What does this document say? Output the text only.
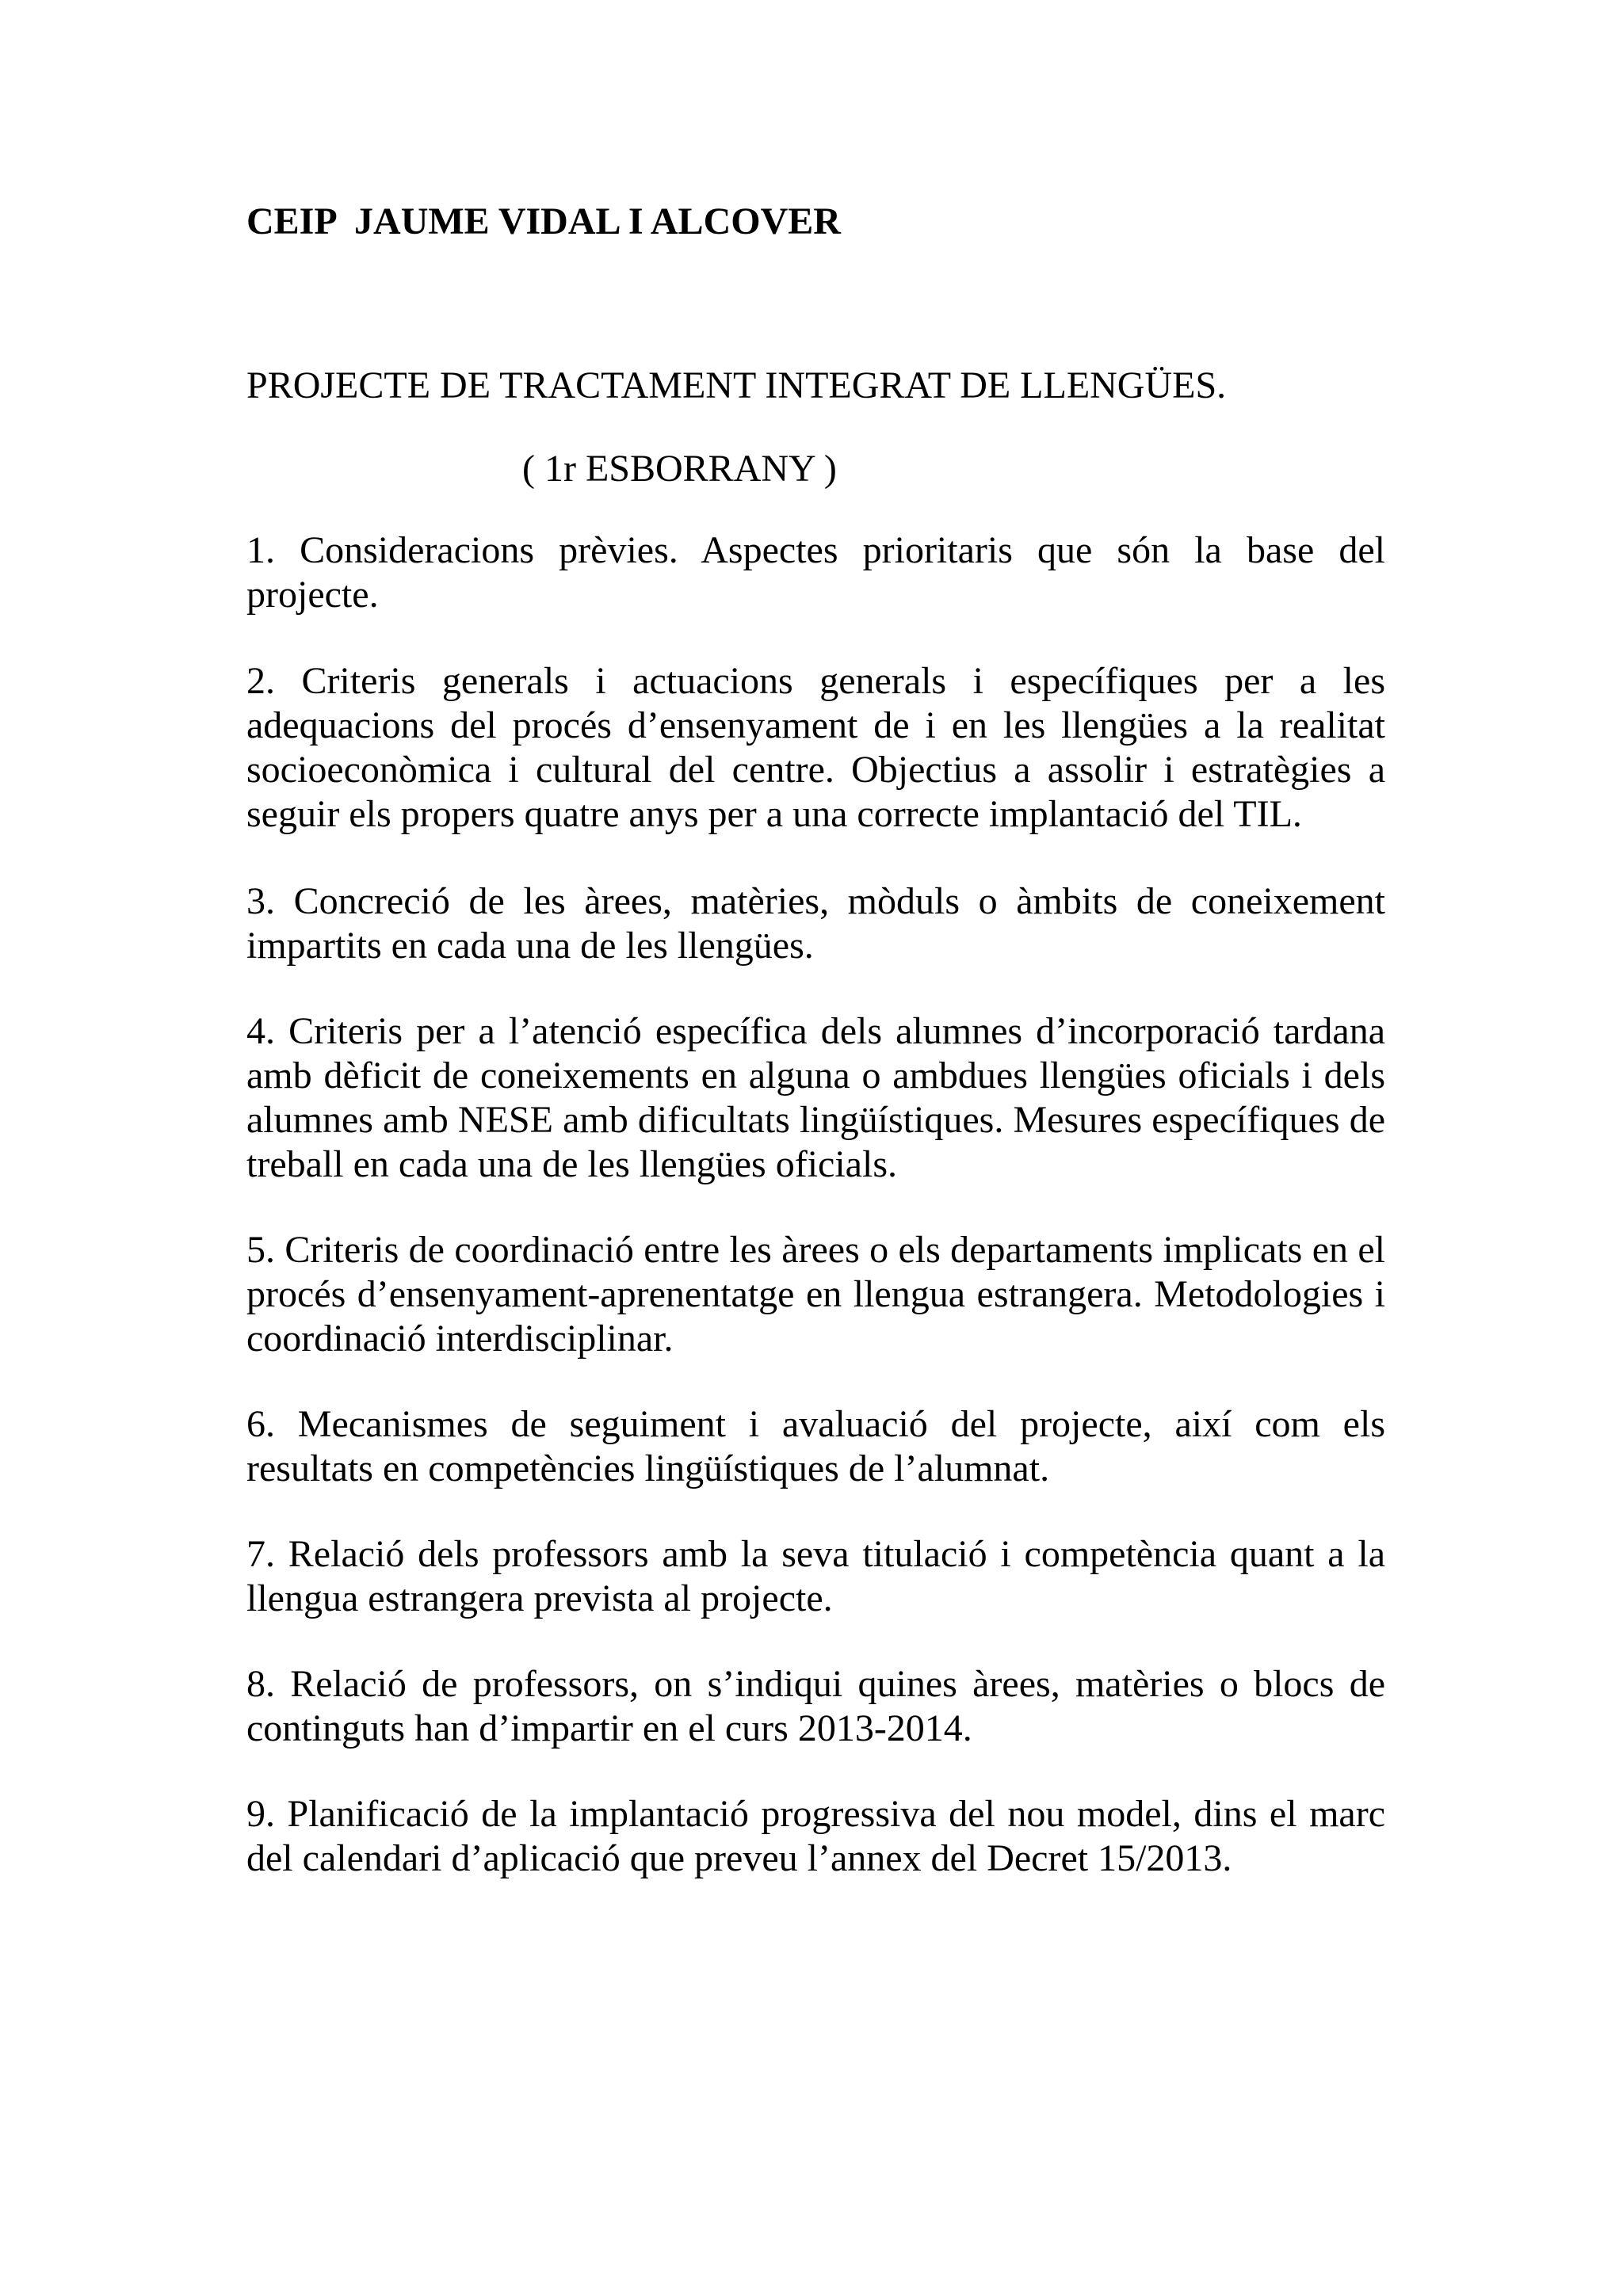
CEIP  JAUME VIDAL I ALCOVER
PROJECTE DE TRACTAMENT INTEGRAT DE LLENGÜES.

( 1r ESBORRANY )

1. Consideracions prèvies. Aspectes prioritaris que són la base del projecte.
2. Criteris generals i actuacions generals i específiques per a les adequacions del procés d’ensenyament de i en les llengües a la realitat socioeconòmica i cultural del centre. Objectius a assolir i estratègies a seguir els propers quatre anys per a una correcte implantació del TIL.
3. Concreció de les àrees, matèries, mòduls o àmbits de coneixement impartits en cada una de les llengües.
4. Criteris per a l’atenció específica dels alumnes d’incorporació tardana amb dèficit de coneixements en alguna o ambdues llengües oficials i dels alumnes amb NESE amb dificultats lingüístiques. Mesures específiques de treball en cada una de les llengües oficials.
5. Criteris de coordinació entre les àrees o els departaments implicats en el procés d’ensenyament-aprenentatge en llengua estrangera. Metodologies i coordinació interdisciplinar.
6. Mecanismes de seguiment i avaluació del projecte, així com els resultats en competències lingüístiques de l’alumnat.
7. Relació dels professors amb la seva titulació i competència quant a la llengua estrangera prevista al projecte.
8. Relació de professors, on s’indiqui quines àrees, matèries o blocs de continguts han d’impartir en el curs 2013-2014.
9. Planificació de la implantació progressiva del nou model, dins el marc del calendari d’aplicació que preveu l’annex del Decret 15/2013.
